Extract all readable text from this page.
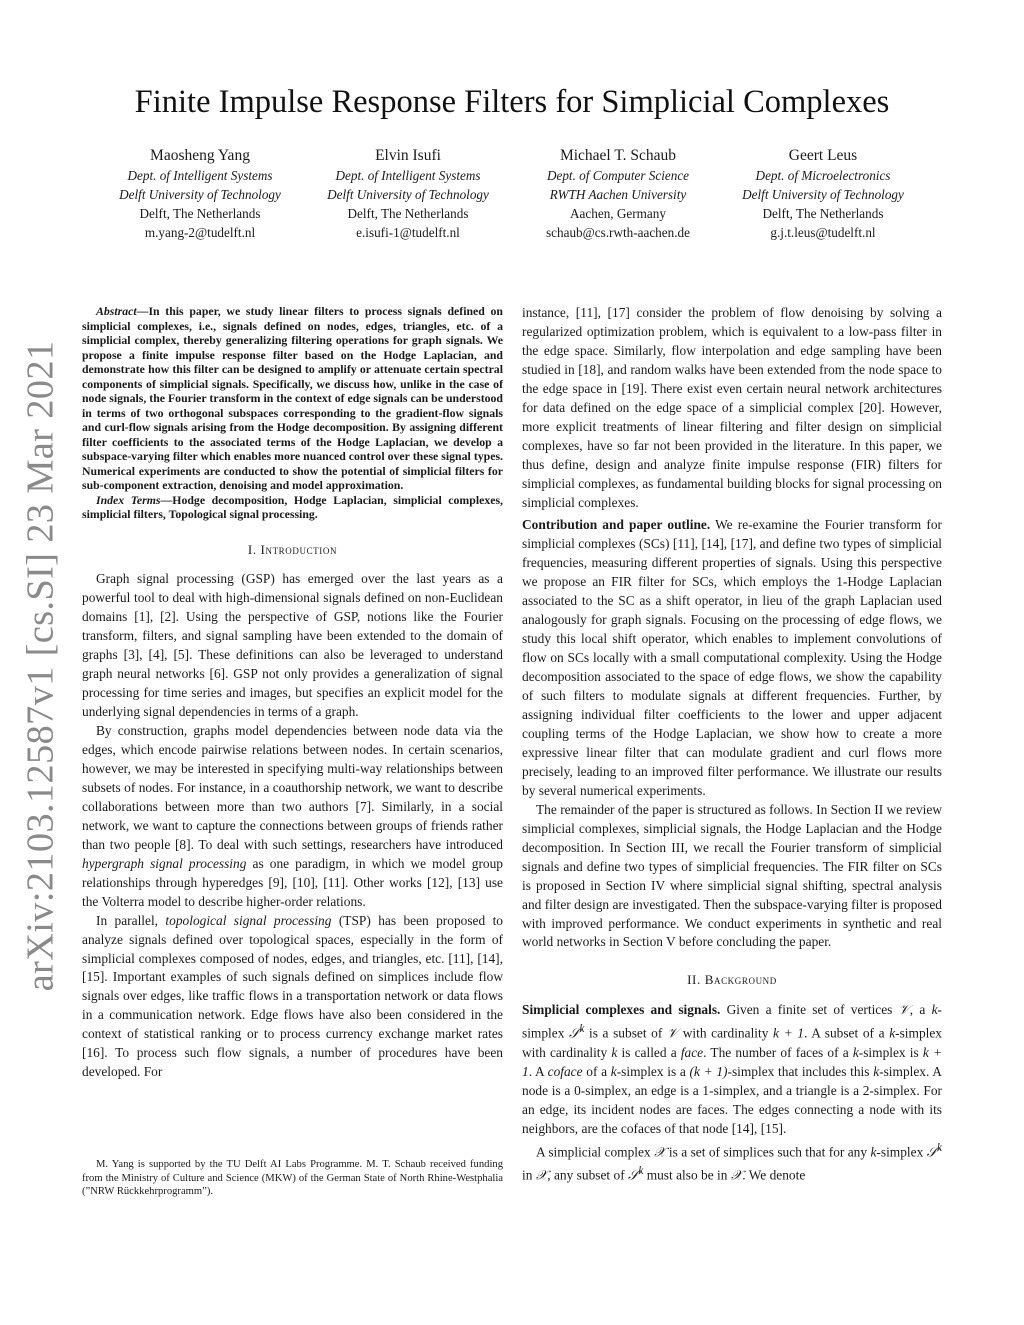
arXiv:2103.12587v1 [cs.SI] 23 Mar 2021
Finite Impulse Response Filters for Simplicial Complexes
Maosheng Yang
Dept. of Intelligent Systems
Delft University of Technology
Delft, The Netherlands
m.yang-2@tudelft.nl
Elvin Isufi
Dept. of Intelligent Systems
Delft University of Technology
Delft, The Netherlands
e.isufi-1@tudelft.nl
Michael T. Schaub
Dept. of Computer Science
RWTH Aachen University
Aachen, Germany
schaub@cs.rwth-aachen.de
Geert Leus
Dept. of Microelectronics
Delft University of Technology
Delft, The Netherlands
g.j.t.leus@tudelft.nl

Abstract—In this paper, we study linear filters to process signals defined on simplicial complexes, i.e., signals defined on nodes, edges, triangles, etc. of a simplicial complex, thereby generalizing filtering operations for graph signals. We propose a finite impulse response filter based on the Hodge Laplacian, and demonstrate how this filter can be designed to amplify or attenuate certain spectral components of simplicial signals. Specifically, we discuss how, unlike in the case of node signals, the Fourier transform in the context of edge signals can be understood in terms of two orthogonal subspaces corresponding to the gradient-flow signals and curl-flow signals arising from the Hodge decomposition. By assigning different filter coefficients to the associated terms of the Hodge Laplacian, we develop a subspace-varying filter which enables more nuanced control over these signal types. Numerical experiments are conducted to show the potential of simplicial filters for sub-component extraction, denoising and model approximation.

Index Terms—Hodge decomposition, Hodge Laplacian, simplicial complexes, simplicial filters, Topological signal processing.

I. Introduction

Graph signal processing (GSP) has emerged over the last years as a powerful tool to deal with high-dimensional signals defined on non-Euclidean domains [1], [2]. Using the perspective of GSP, notions like the Fourier transform, filters, and signal sampling have been extended to the domain of graphs [3], [4], [5]. These definitions can also be leveraged to understand graph neural networks [6]. GSP not only provides a generalization of signal processing for time series and images, but specifies an explicit model for the underlying signal dependencies in terms of a graph.

By construction, graphs model dependencies between node data via the edges, which encode pairwise relations between nodes. In certain scenarios, however, we may be interested in specifying multi-way relationships between subsets of nodes. For instance, in a coauthorship network, we want to describe collaborations between more than two authors [7]. Similarly, in a social network, we want to capture the connections between groups of friends rather than two people [8]. To deal with such settings, researchers have introduced hypergraph signal processing as one paradigm, in which we model group relationships through hyperedges [9], [10], [11]. Other works [12], [13] use the Volterra model to describe higher-order relations.

In parallel, topological signal processing (TSP) has been proposed to analyze signals defined over topological spaces, especially in the form of simplicial complexes composed of nodes, edges, and triangles, etc. [11], [14], [15]. Important examples of such signals defined on simplices include flow signals over edges, like traffic flows in a transportation network or data flows in a communication network. Edge flows have also been considered in the context of statistical ranking or to process currency exchange market rates [16]. To process such flow signals, a number of procedures have been developed. For

M. Yang is supported by the TU Delft AI Labs Programme. M. T. Schaub received funding from the Ministry of Culture and Science (MKW) of the German State of North Rhine-Westphalia (”NRW Rückkehrprogramm”).

instance, [11], [17] consider the problem of flow denoising by solving a regularized optimization problem, which is equivalent to a low-pass filter in the edge space. Similarly, flow interpolation and edge sampling have been studied in [18], and random walks have been extended from the node space to the edge space in [19]. There exist even certain neural network architectures for data defined on the edge space of a simplicial complex [20]. However, more explicit treatments of linear filtering and filter design on simplicial complexes, have so far not been provided in the literature. In this paper, we thus define, design and analyze finite impulse response (FIR) filters for simplicial complexes, as fundamental building blocks for signal processing on simplicial complexes.

Contribution and paper outline. We re-examine the Fourier transform for simplicial complexes (SCs) [11], [14], [17], and define two types of simplicial frequencies, measuring different properties of signals. Using this perspective we propose an FIR filter for SCs, which employs the 1-Hodge Laplacian associated to the SC as a shift operator, in lieu of the graph Laplacian used analogously for graph signals. Focusing on the processing of edge flows, we study this local shift operator, which enables to implement convolutions of flow on SCs locally with a small computational complexity. Using the Hodge decomposition associated to the space of edge flows, we show the capability of such filters to modulate signals at different frequencies. Further, by assigning individual filter coefficients to the lower and upper adjacent coupling terms of the Hodge Laplacian, we show how to create a more expressive linear filter that can modulate gradient and curl flows more precisely, leading to an improved filter performance. We illustrate our results by several numerical experiments.

The remainder of the paper is structured as follows. In Section II we review simplicial complexes, simplicial signals, the Hodge Laplacian and the Hodge decomposition. In Section III, we recall the Fourier transform of simplicial signals and define two types of simplicial frequencies. The FIR filter on SCs is proposed in Section IV where simplicial signal shifting, spectral analysis and filter design are investigated. Then the subspace-varying filter is proposed with improved performance. We conduct experiments in synthetic and real world networks in Section V before concluding the paper.

II. Background

Simplicial complexes and signals. Given a finite set of vertices 𝒱, a k-simplex 𝒮$^k$ is a subset of 𝒱 with cardinality k + 1. A subset of a k-simplex with cardinality k is called a face. The number of faces of a k-simplex is k + 1. A coface of a k-simplex is a (k + 1)-simplex that includes this k-simplex. A node is a 0-simplex, an edge is a 1-simplex, and a triangle is a 2-simplex. For an edge, its incident nodes are faces. The edges connecting a node with its neighbors, are the cofaces of that node [14], [15].

A simplicial complex 𝒳 is a set of simplices such that for any k-simplex 𝒮$^k$ in 𝒳, any subset of 𝒮$^k$ must also be in 𝒳. We denote
